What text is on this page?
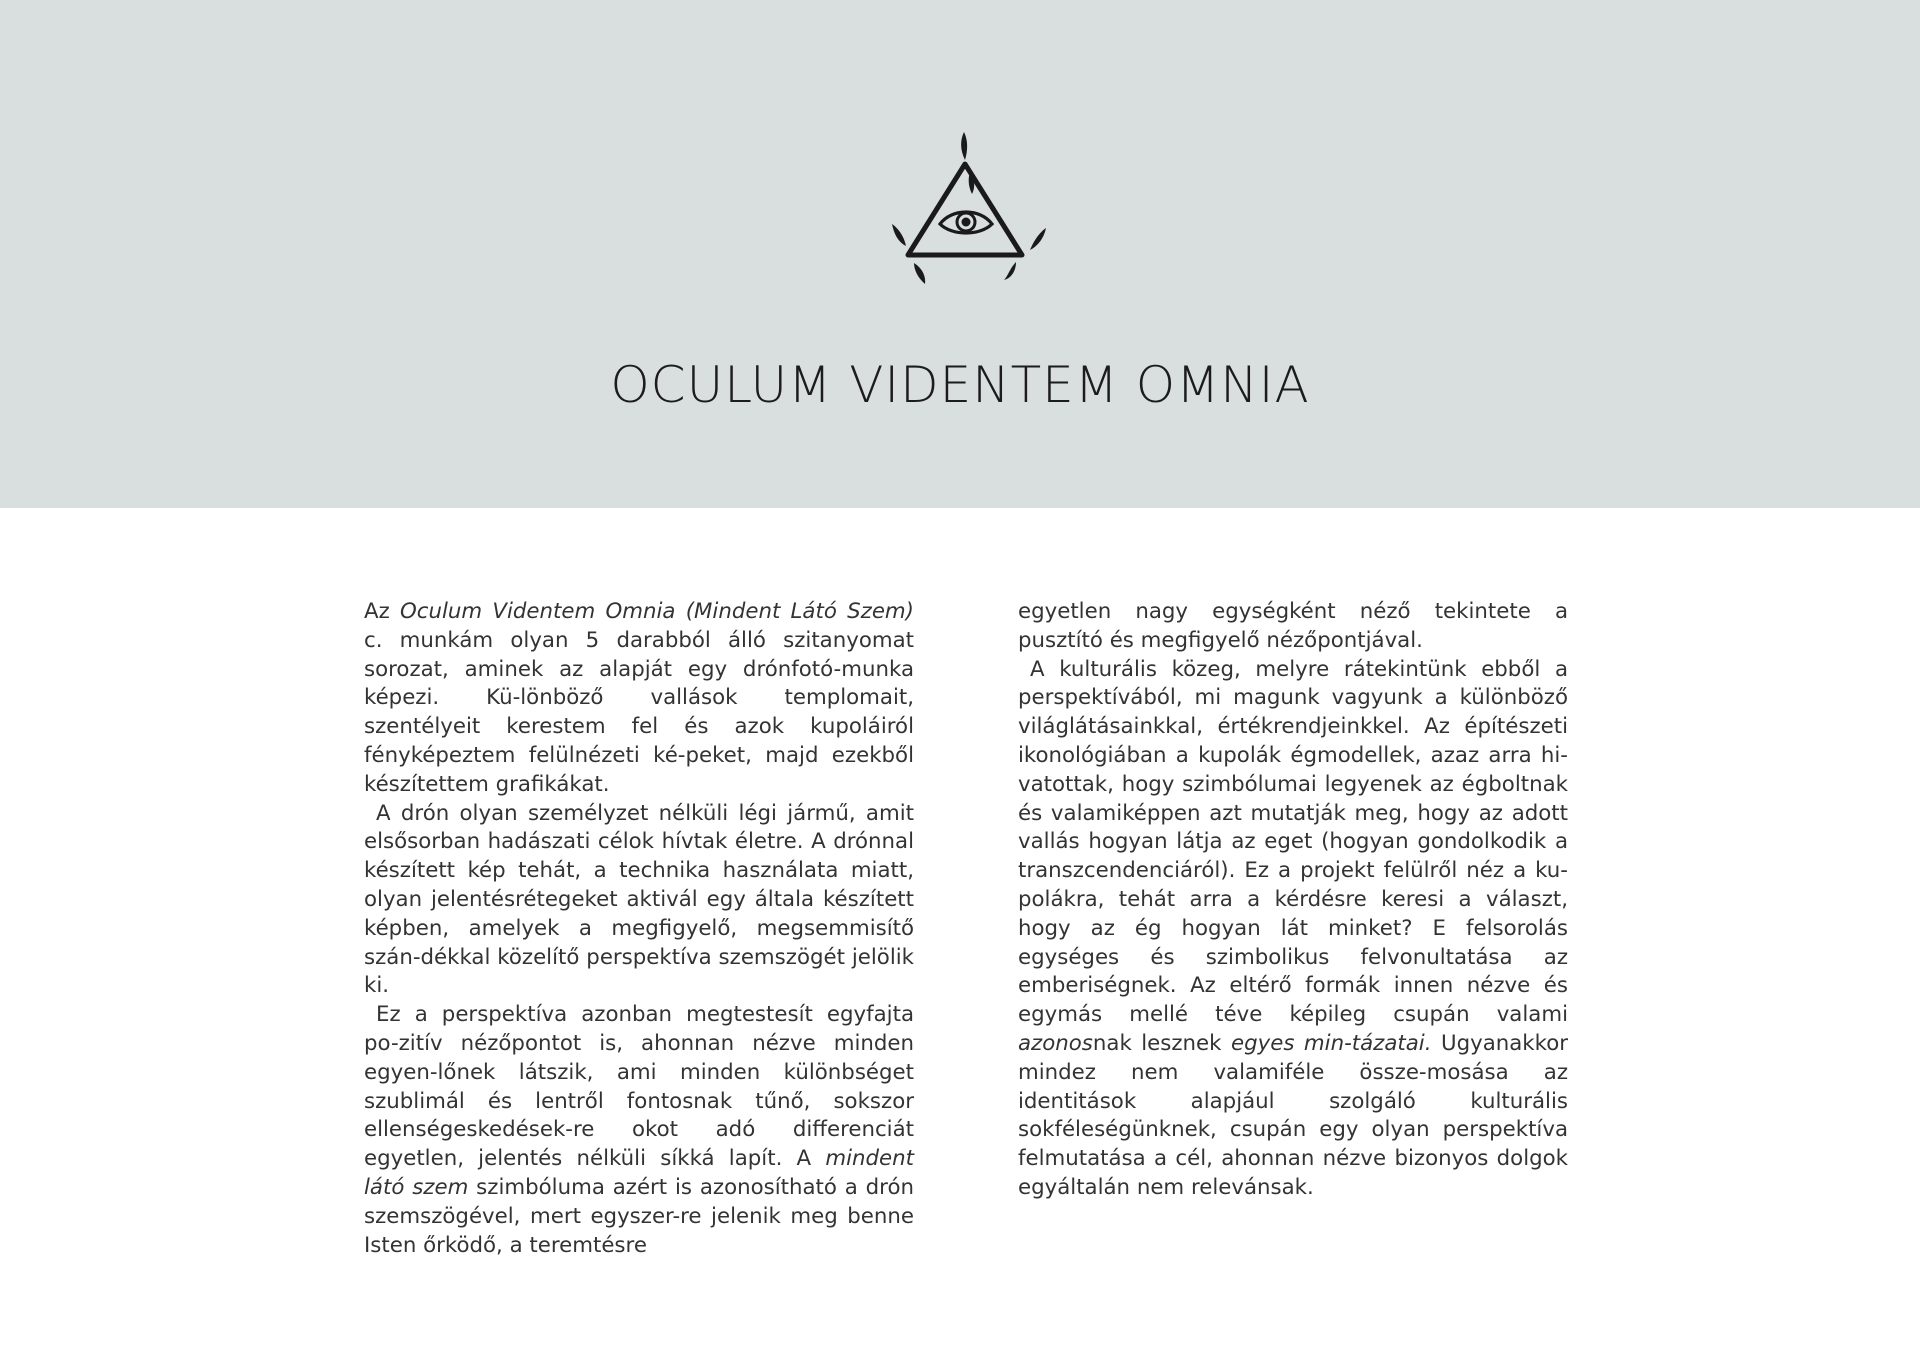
OCULUM VIDENTEM OMNIA

Az Oculum Videntem Omnia (Mindent Látó Szem) c. munkám olyan 5 darabból álló szitanyomat sorozat, aminek az alapját egy drónfotó-munka képezi. Kü-lönböző vallások templomait, szentélyeit kerestem fel és azok kupoláiról fényképeztem felülnézeti ké-peket, majd ezekből készítettem grafikákat.

A drón olyan személyzet nélküli légi jármű, amit elsősorban hadászati célok hívtak életre. A drónnal készített kép tehát, a technika használata miatt, olyan jelentésrétegeket aktivál egy általa készített képben, amelyek a megfigyelő, megsemmisítő szán-dékkal közelítő perspektíva szemszögét jelölik ki.

Ez a perspektíva azonban megtestesít egyfajta po-zitív nézőpontot is, ahonnan nézve minden egyen-lőnek látszik, ami minden különbséget szublimál és lentről fontosnak tűnő, sokszor ellenségeskedések-re okot adó differenciát egyetlen, jelentés nélküli síkká lapít. A mindent látó szem szimbóluma azért is azonosítható a drón szemszögével, mert egyszer-re jelenik meg benne Isten őrködő, a teremtésre

egyetlen nagy egységként néző tekintete a pusztító és megfigyelő nézőpontjával.

A kulturális közeg, melyre rátekintünk ebből a perspektívából, mi magunk vagyunk a különböző világlátásainkkal, értékrendjeinkkel. Az építészeti ikonológiában a kupolák égmodellek, azaz arra hi-vatottak, hogy szimbólumai legyenek az égboltnak és valamiképpen azt mutatják meg, hogy az adott vallás hogyan látja az eget (hogyan gondolkodik a transzcendenciáról). Ez a projekt felülről néz a ku-polákra, tehát arra a kérdésre keresi a választ, hogy az ég hogyan lát minket? E felsorolás egységes és szimbolikus felvonultatása az emberiségnek. Az eltérő formák innen nézve és egymás mellé téve képileg csupán valami azonosnak lesznek egyes min-tázatai. Ugyanakkor mindez nem valamiféle össze-mosása az identitások alapjául szolgáló kulturális sokféleségünknek, csupán egy olyan perspektíva felmutatása a cél, ahonnan nézve bizonyos dolgok egyáltalán nem relevánsak.
